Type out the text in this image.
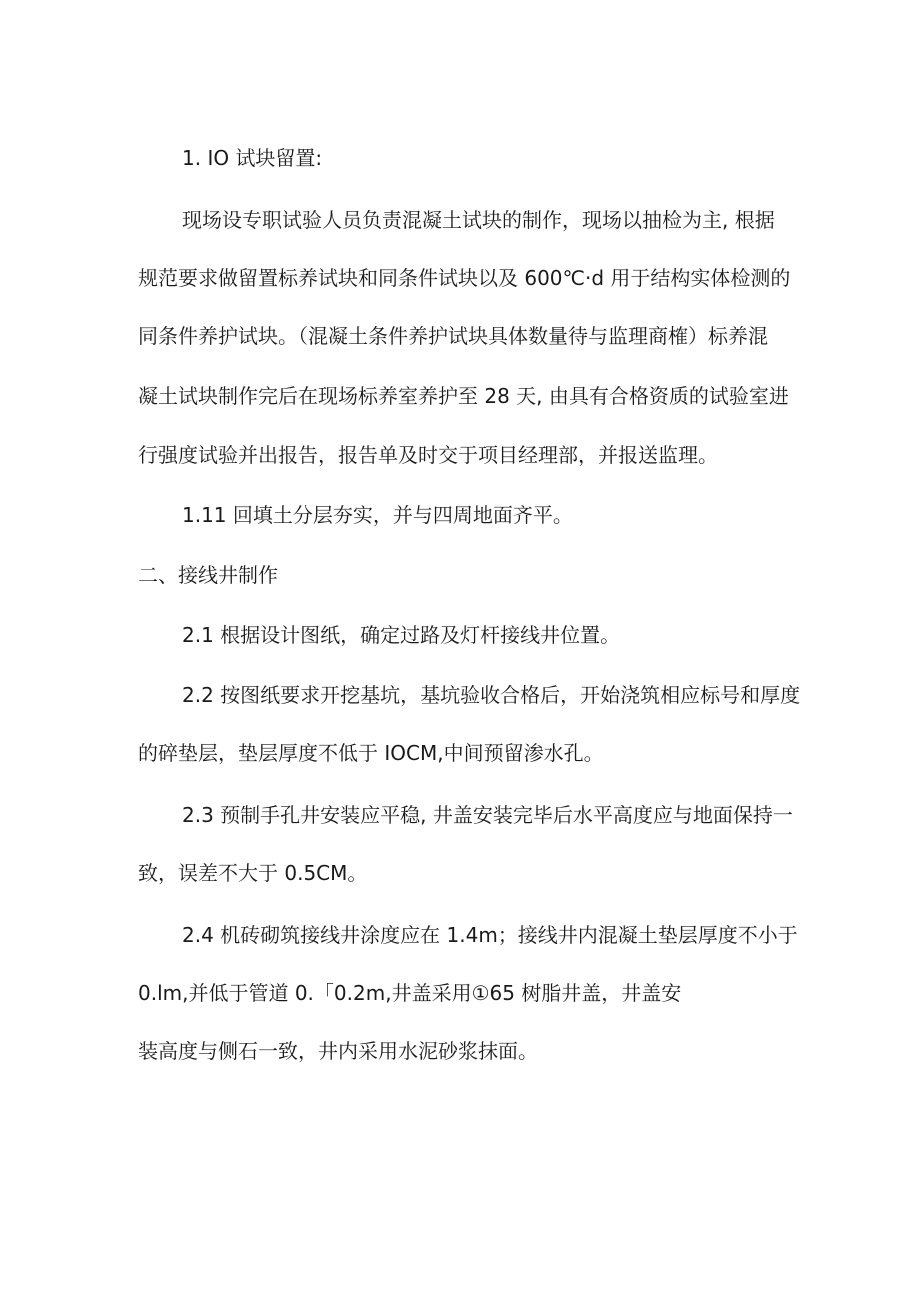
1. IO 试块留置:
现场设专职试验人员负责混凝土试块的制作，现场以抽检为主, 根据
规范要求做留置标养试块和同条件试块以及 600℃·d 用于结构实体检测的
同条件养护试块。（混凝土条件养护试块具体数量待与监理商榷）标养混
凝土试块制作完后在现场标养室养护至 28 天, 由具有合格资质的试验室进
行强度试验并出报告，报告单及时交于项目经理部，并报送监理。
1.11 回填土分层夯实，并与四周地面齐平。
二、接线井制作
2.1 根据设计图纸，确定过路及灯杆接线井位置。
2.2 按图纸要求开挖基坑，基坑验收合格后，开始浇筑相应标号和厚度
的碎垫层，垫层厚度不低于 IOCM,中间预留渗水孔。
2.3 预制手孔井安装应平稳, 井盖安装完毕后水平高度应与地面保持一
致，误差不大于 0.5CM。
2.4 机砖砌筑接线井涂度应在 1.4m；接线井内混凝土垫层厚度不小于
0.lm,并低于管道 0.「0.2m,井盖采用①65 树脂井盖，井盖安
装高度与侧石一致，井内采用水泥砂浆抹面。
